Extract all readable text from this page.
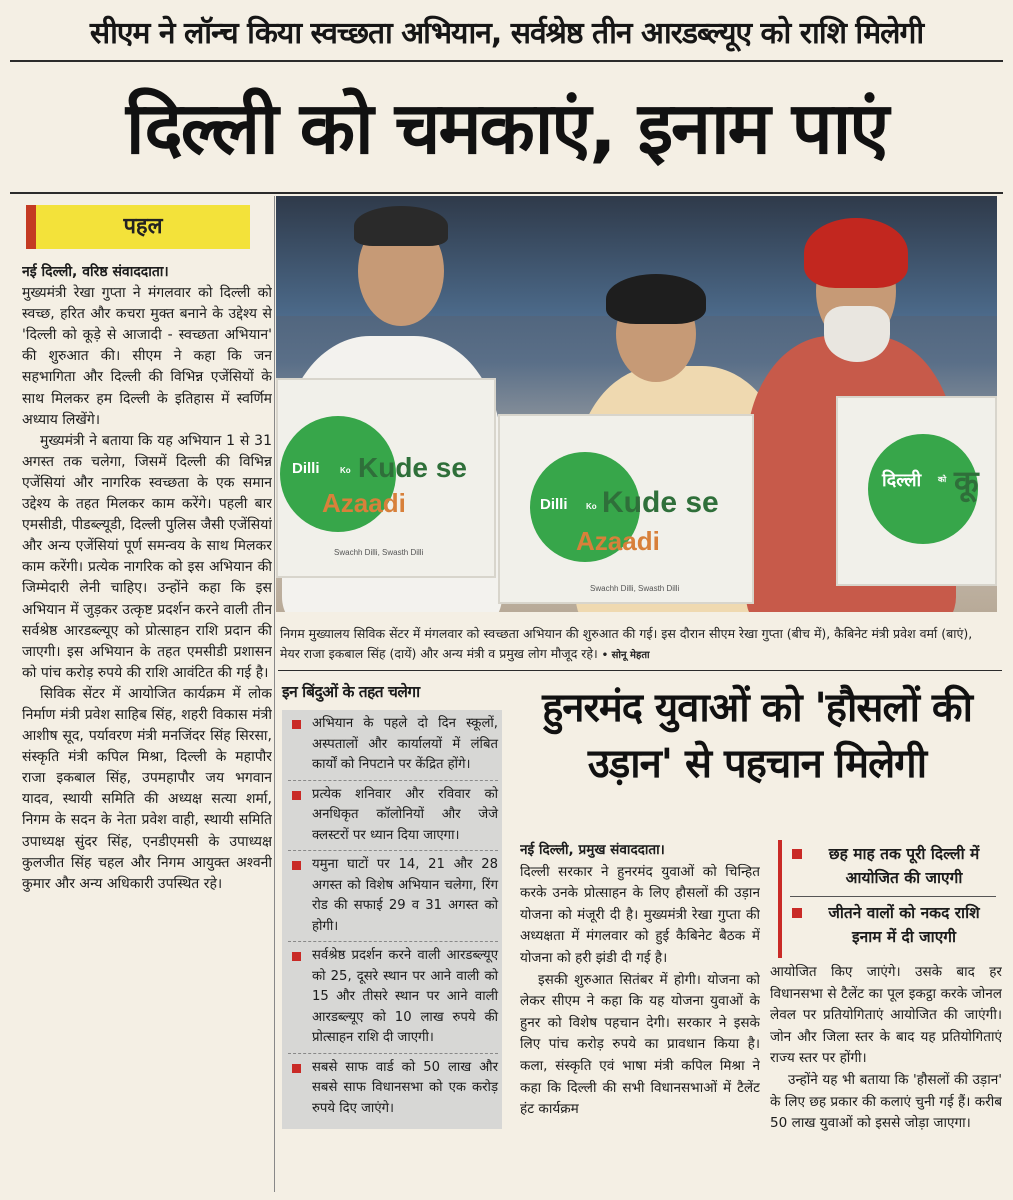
सीएम ने लॉन्च किया स्वच्छता अभियान, सर्वश्रेष्ठ तीन आरडब्ल्यूए को राशि मिलेगी
दिल्ली को चमकाएं, इनाम पाएं
पहल

नई दिल्ली, वरिष्ठ संवाददाता।

मुख्यमंत्री रेखा गुप्ता ने मंगलवार को दिल्ली को स्वच्छ, हरित और कचरा मुक्त बनाने के उद्देश्य से 'दिल्ली को कूड़े से आजादी - स्वच्छता अभियान' की शुरुआत की। सीएम ने कहा कि जन सहभागिता और दिल्ली की विभिन्न एजेंसियों के साथ मिलकर हम दिल्ली के इतिहास में स्वर्णिम अध्याय लिखेंगे।

मुख्यमंत्री ने बताया कि यह अभियान 1 से 31 अगस्त तक चलेगा, जिसमें दिल्ली की विभिन्न एजेंसियां और नागरिक स्वच्छता के एक समान उद्देश्य के तहत मिलकर काम करेंगे। पहली बार एमसीडी, पीडब्ल्यूडी, दिल्ली पुलिस जैसी एजेंसियां और अन्य एजेंसियां पूर्ण समन्वय के साथ मिलकर काम करेंगी। प्रत्येक नागरिक को इस अभियान की जिम्मेदारी लेनी चाहिए। उन्होंने कहा कि इस अभियान में जुड़कर उत्कृष्ट प्रदर्शन करने वाली तीन सर्वश्रेष्ठ आरडब्ल्यूए को प्रोत्साहन राशि प्रदान की जाएगी। इस अभियान के तहत एमसीडी प्रशासन को पांच करोड़ रुपये की राशि आवंटित की गई है।

सिविक सेंटर में आयोजित कार्यक्रम में लोक निर्माण मंत्री प्रवेश साहिब सिंह, शहरी विकास मंत्री आशीष सूद, पर्यावरण मंत्री मनजिंदर सिंह सिरसा, संस्कृति मंत्री कपिल मिश्रा, दिल्ली के महापौर राजा इकबाल सिंह, उपमहापौर जय भगवान यादव, स्थायी समिति की अध्यक्ष सत्या शर्मा, निगम के सदन के नेता प्रवेश वाही, स्थायी समिति उपाध्यक्ष सुंदर सिंह, एनडीएमसी के उपाध्यक्ष कुलजीत सिंह चहल और निगम आयुक्त अश्वनी कुमार और अन्य अधिकारी उपस्थित रहे।

Dilli	Ko Kude se
Azaadi
Swachh Dilli, Swasth Dilli
Dilli Ko Kude se
Azaadi
Swachh Dilli, Swasth Dilli
दिल्ली को कू
निगम मुख्यालय सिविक सेंटर में मंगलवार को स्वच्छता अभियान की शुरुआत की गई। इस दौरान सीएम रेखा गुप्ता (बीच में), कैबिनेट मंत्री प्रवेश वर्मा (बाएं), मेयर राजा इकबाल सिंह (दायें) और अन्य मंत्री व प्रमुख लोग मौजूद रहे। • सोनू मेहता
इन बिंदुओं के तहत चलेगा
अभियान के पहले दो दिन स्कूलों, अस्पतालों और कार्यालयों में लंबित कार्यों को निपटाने पर केंद्रित होंगे।
प्रत्येक शनिवार और रविवार को अनधिकृत कॉलोनियों और जेजे क्लस्टरों पर ध्यान दिया जाएगा।
यमुना घाटों पर 14, 21 और 28 अगस्त को विशेष अभियान चलेगा, रिंग रोड की सफाई 29 व 31 अगस्त को होगी।
सर्वश्रेष्ठ प्रदर्शन करने वाली आरडब्ल्यूए को 25, दूसरे स्थान पर आने वाली को 15 और तीसरे स्थान पर आने वाली आरडब्ल्यूए को 10 लाख रुपये की प्रोत्साहन राशि दी जाएगी।
सबसे साफ वार्ड को 50 लाख और सबसे साफ विधानसभा को एक करोड़ रुपये दिए जाएंगे।
हुनरमंद युवाओं को 'हौसलों की उड़ान' से पहचान मिलेगी

नई दिल्ली, प्रमुख संवाददाता।

दिल्ली सरकार ने हुनरमंद युवाओं को चिन्हित करके उनके प्रोत्साहन के लिए हौसलों की उड़ान योजना को मंजूरी दी है। मुख्यमंत्री रेखा गुप्ता की अध्यक्षता में मंगलवार को हुई कैबिनेट बैठक में योजना को हरी झंडी दी गई है।

इसकी शुरुआत सितंबर में होगी। योजना को लेकर सीएम ने कहा कि यह योजना युवाओं के हुनर को विशेष पहचान देगी। सरकार ने इसके लिए पांच करोड़ रुपये का प्रावधान किया है। कला, संस्कृति एवं भाषा मंत्री कपिल मिश्रा ने कहा कि दिल्ली की सभी विधानसभाओं में टैलेंट हंट कार्यक्रम

छह माह तक पूरी दिल्ली में आयोजित की जाएगी
जीतने वालों को नकद राशि इनाम में दी जाएगी

आयोजित किए जाएंगे। उसके बाद हर विधानसभा से टैलेंट का पूल इकट्ठा करके जोनल लेवल पर प्रतियोगिताएं आयोजित की जाएंगी। जोन और जिला स्तर के बाद यह प्रतियोगिताएं राज्य स्तर पर होंगी।

उन्होंने यह भी बताया कि 'हौसलों की उड़ान' के लिए छह प्रकार की कलाएं चुनी गई हैं। करीब 50 लाख युवाओं को इससे जोड़ा जाएगा।
